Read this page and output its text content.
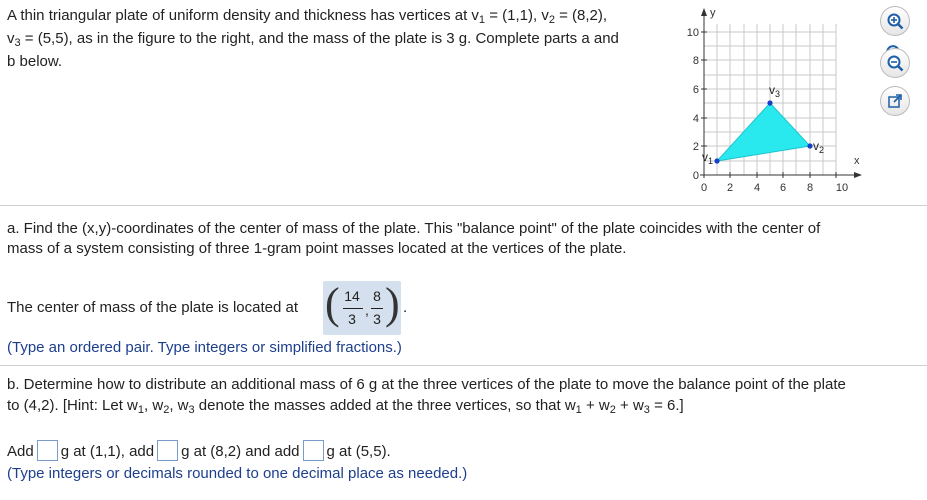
A thin triangular plate of uniform density and thickness has vertices at $v_1 = (1,1)$, $v_2 = (8,2)$,
$v_3 = (5,5)$, as in the figure to the right, and the mass of the plate is 3 g. Complete parts a and
b below.
0
2
4
6
8
10
0 2 4 6 8 10
y
x
$v_1$
$v_2$
$v_3$
a. Find the (x,y)-coordinates of the center of mass of the plate. This "balance point" of the plate coincides with the center of
mass of a system consisting of three 1-gram point masses located at the vertices of the plate.
The center of mass of the plate is located at ( 14
3
,
8
3 ) .
(Type an ordered pair. Type integers or simplified fractions.)
b. Determine how to distribute an additional mass of 6 g at the three vertices of the plate to move the balance point of the plate
to (4,2). [Hint: Let $w_1$, $w_2$, $w_3$ denote the masses added at the three vertices, so that $w_1 + w_2 + w_3 = 6$.]
Add g at (1,1), add g at (8,2) and add g at (5,5).
(Type integers or decimals rounded to one decimal place as needed.)
